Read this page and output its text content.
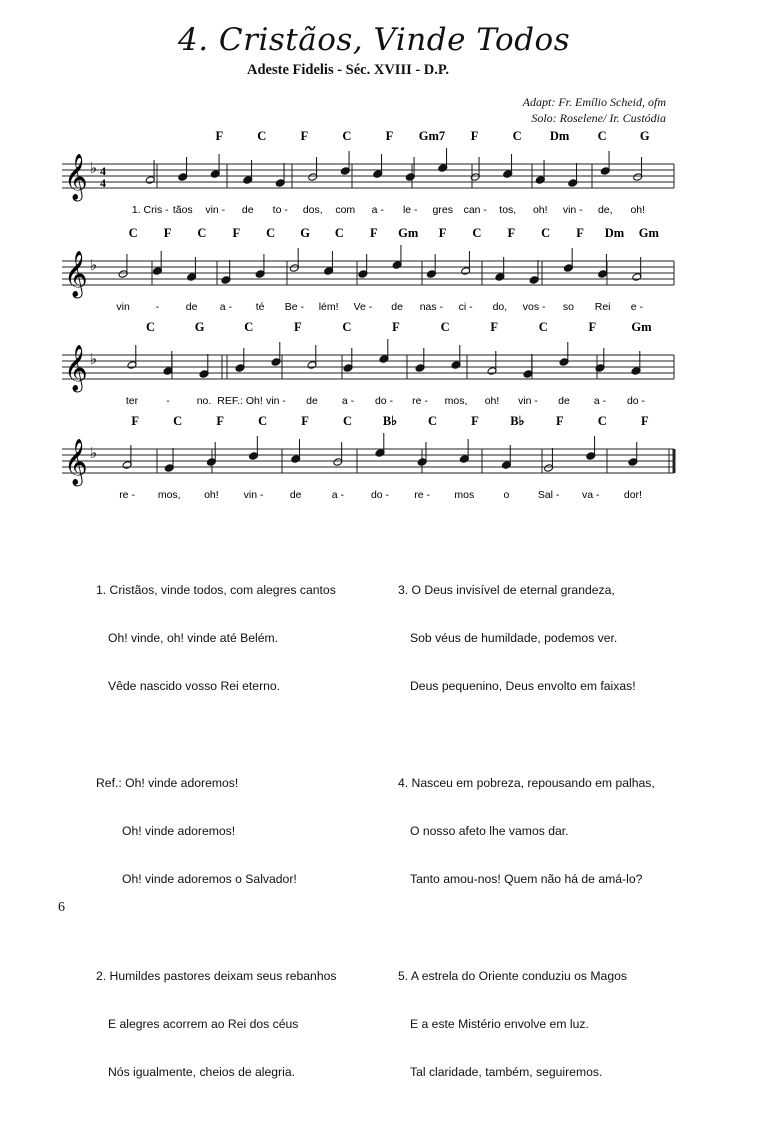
4. Cristãos, Vinde Todos
Adeste Fidelis - Séc. XVIII - D.P.
Adapt: Fr. Emílio Scheid, ofm
Solo: Roselene/ Ir. Custódia
𝄞 ♭ 4
4
1. Cris - tãos vin - de to - dos, com a - le - gres can - tos, oh! vin - de, oh!
F	C	F	C	F Gm7 F	C Dm C	G
𝄞 ♭
vin -	de a - té Be - lém! Ve - de nas - ci - do, vos - so Rei e -
C F C F C G C F Gm F C F C F Dm Gm
𝄞 ♭
ter	-	no. REF.: Oh! vin - de a - do - re - mos, oh! vin - de a - do -
C	G	C	F	C	F	C	F	C	F	Gm
𝄞 ♭
re - mos, oh! vin -	de	a -	do - re - mos	o	Sal - va - dor!
F	C	F	C	F	C B♭ C	F	B♭	F	C	F

1. Cristãos, vinde todos, com alegres cantos

Oh! vinde, oh! vinde até Belém.

Vêde nascido vosso Rei eterno.

Ref.: Oh! vinde adoremos!

Oh! vinde adoremos!

Oh! vinde adoremos o Salvador!

2. Humildes pastores deixam seus rebanhos

E alegres acorrem ao Rei dos céus

Nós igualmente, cheios de alegria.

3. O Deus invisível de eternal grandeza,

Sob véus de humildade, podemos ver.

Deus pequenino, Deus envolto em faixas!

4. Nasceu em pobreza, repousando em palhas,

O nosso afeto lhe vamos dar.

Tanto amou-nos! Quem não há de amá-lo?

5. A estrela do Oriente conduziu os Magos

E a este Mistério envolve em luz.

Tal claridade, também, seguiremos.

6
